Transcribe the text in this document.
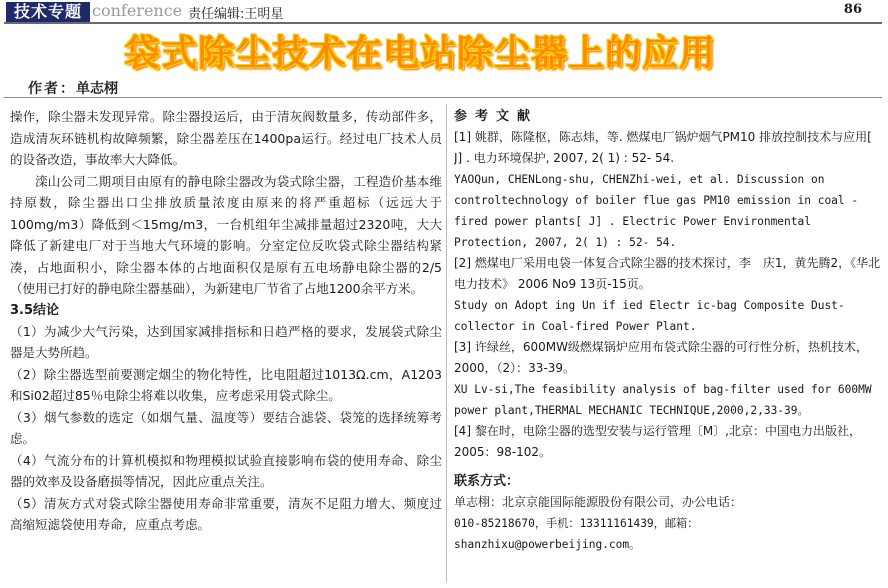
技术专题 conference 责任编辑:王明星	86
袋式除尘技术在电站除尘器上的应用
作者：单志栩

操作，除尘器未发现异常。除尘器投运后，由于清灰阀数量多，传动部件多，造成清灰环链机构故障频繁，除尘器差压在1400pa运行。经过电厂技术人员的设备改造，事故率大大降低。

滦山公司二期项目由原有的静电除尘器改为袋式除尘器，工程造价基本维持原数，除尘器出口尘排放质量浓度由原来的将严重超标（远远大于100mg/m3）降低到＜15mg/m3，一台机组年尘减排量超过2320吨，大大降低了新建电厂对于当地大气环境的影响。分室定位反吹袋式除尘器结构紧凑，占地面积小，除尘器本体的占地面积仅是原有五电场静电除尘器的2/5（使用已打好的静电除尘器基础），为新建电厂节省了占地1200余平方米。

3.5结论

（1）为减少大气污染，达到国家减排指标和日趋严格的要求，发展袋式除尘器是大势所趋。

（2）除尘器选型前要测定烟尘的物化特性，比电阻超过1013Ω.cm，A1203和Si02超过85％电除尘将难以收集，应考虑采用袋式除尘。

（3）烟气参数的选定（如烟气量、温度等）要结合滤袋、袋笼的选择统筹考虑。

（4）气流分布的计算机模拟和物理模拟试验直接影响布袋的使用寿命、除尘器的效率及设备磨损等情况，因此应重点关注。

（5）清灰方式对袋式除尘器使用寿命非常重要，清灰不足阻力增大、频度过高缩短滤袋使用寿命，应重点考虑。

参考文献

[1] 姚群，陈隆枢，陈志炜，等. 燃煤电厂锅炉烟气PM10 排放控制技术与应用[ J] . 电力环境保护, 2007, 2( 1) : 52- 54.

YAOQun, CHENLong-shu, CHENZhi-wei, et al. Discussion on controltechnology of boiler flue gas PM10 emission in coal - fired power plants[ J] . Electric Power Environmental Protection, 2007, 2( 1) : 52- 54.

[2] 燃煤电厂采用电袋一体复合式除尘器的技术探讨，李　庆1，黄先腾2，《华北电力技术》 2006 No9 13页-15页。

Study on Adopt ing Un if ied Electr ic-bag Composite Dust-collector in Coal-fired Power Plant.

[3] 许绿丝，600MW级燃煤锅炉应用布袋式除尘器的可行性分析，热机技术，2000，（2）：33-39。

XU Lv-si,The feasibility analysis of bag-filter used for 600MW power plant,THERMAL MECHANIC TECHNIQUE,2000,2,33-39。

[4] 黎在时，电除尘器的选型安装与运行管理〔M〕,北京：中国电力出版社，2005：98-102。

联系方式：

单志栩：北京京能国际能源股份有限公司，办公电话：

010-85218670，手机：13311161439，邮箱：shanzhixu@powerbeijing.com。
